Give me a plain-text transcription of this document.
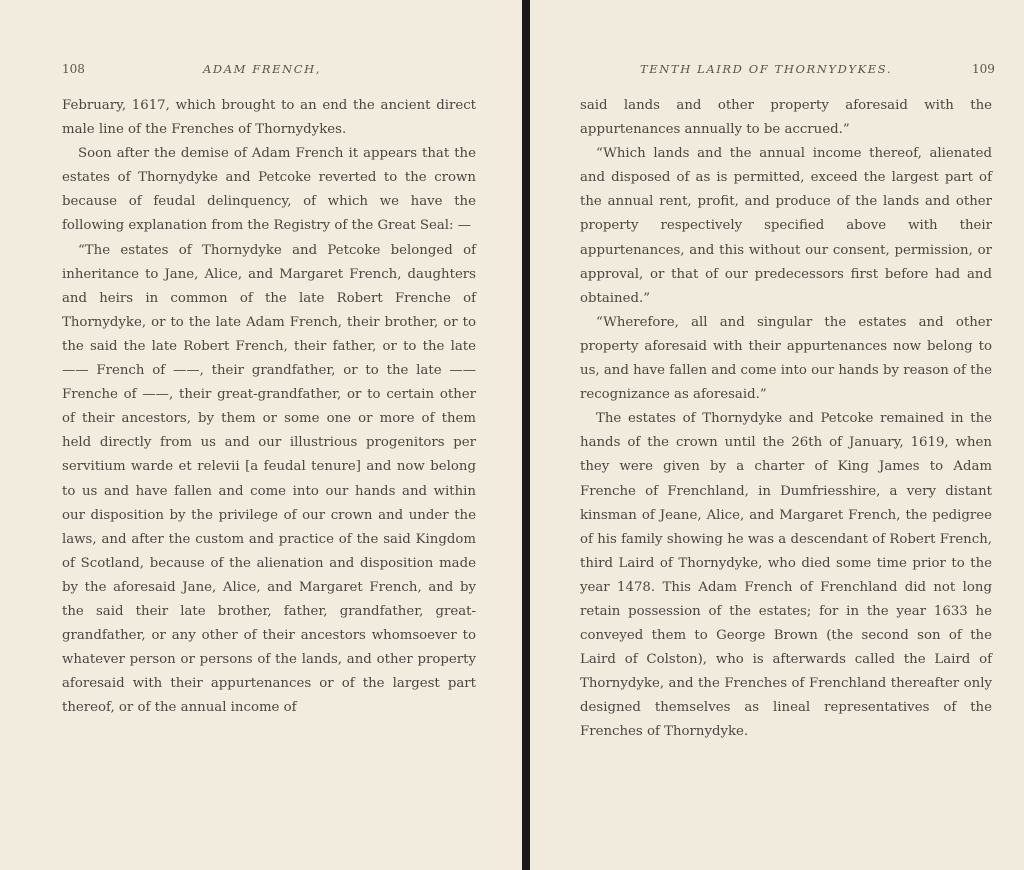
108	ADAM FRENCH,

February, 1617, which brought to an end the ancient direct male line of the Frenches of Thornydykes.

Soon after the demise of Adam French it appears that the estates of Thornydyke and Petcoke reverted to the crown because of feudal delinquency, of which we have the following explanation from the Registry of the Great Seal: —

“The estates of Thornydyke and Petcoke belonged of inheritance to Jane, Alice, and Margaret French, daughters and heirs in common of the late Robert Frenche of Thornydyke, or to the late Adam French, their brother, or to the said the late Robert French, their father, or to the late —— French of ——, their grandfather, or to the late —— Frenche of ——, their great-grandfather, or to certain other of their ancestors, by them or some one or more of them held directly from us and our illustrious progenitors per servitium warde et relevii [a feudal tenure] and now belong to us and have fallen and come into our hands and within our disposition by the privilege of our crown and under the laws, and after the custom and practice of the said Kingdom of Scotland, because of the alienation and disposition made by the aforesaid Jane, Alice, and Margaret French, and by the said their late brother, father, grandfather, great-grandfather, or any other of their ancestors whomsoever to whatever person or persons of the lands, and other property aforesaid with their appurtenances or of the largest part thereof, or of the annual income of

TENTH LAIRD OF THORNYDYKES.	109

said lands and other property aforesaid with the appurtenances annually to be accrued.”

“Which lands and the annual income thereof, alienated and disposed of as is permitted, exceed the largest part of the annual rent, profit, and produce of the lands and other property respectively specified above with their appurtenances, and this without our consent, permission, or approval, or that of our predecessors first before had and obtained.”

“Wherefore, all and singular the estates and other property aforesaid with their appurtenances now belong to us, and have fallen and come into our hands by reason of the recognizance as aforesaid.”

The estates of Thornydyke and Petcoke remained in the hands of the crown until the 26th of January, 1619, when they were given by a charter of King James to Adam Frenche of Frenchland, in Dumfriesshire, a very distant kinsman of Jeane, Alice, and Margaret French, the pedigree of his family showing he was a descendant of Robert French, third Laird of Thornydyke, who died some time prior to the year 1478. This Adam French of Frenchland did not long retain possession of the estates; for in the year 1633 he conveyed them to George Brown (the second son of the Laird of Colston), who is afterwards called the Laird of Thornydyke, and the Frenches of Frenchland thereafter only designed themselves as lineal representatives of the Frenches of Thornydyke.
